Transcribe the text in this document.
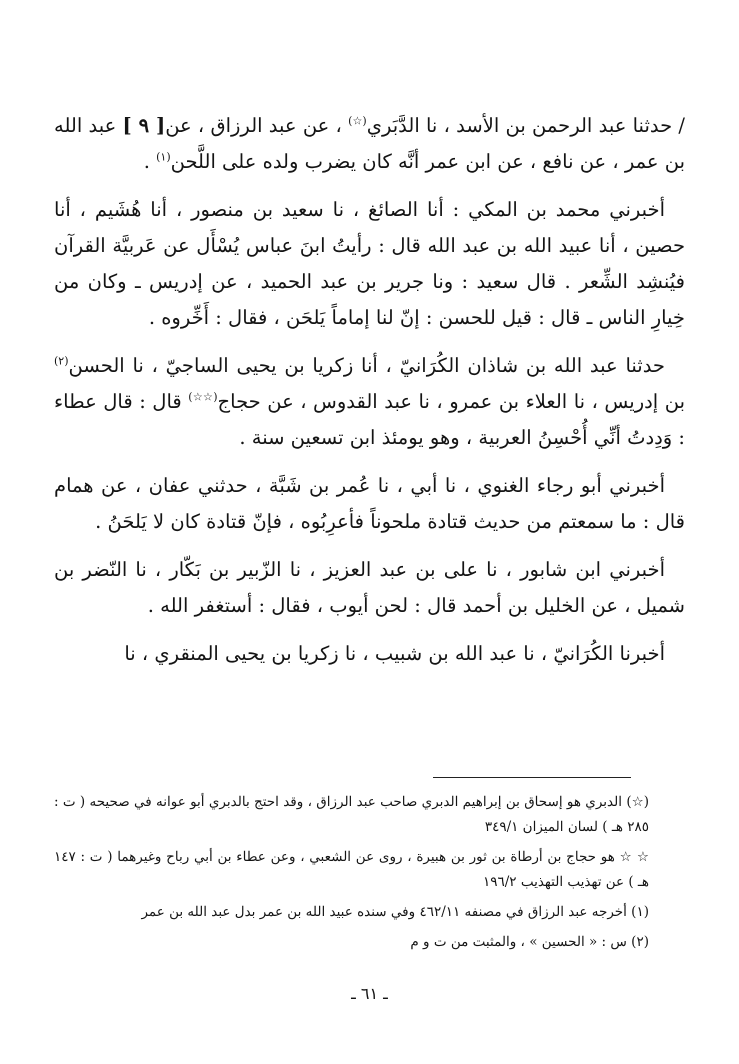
/ حدثنا عبد الرحمن بن الأسد ، نا الدَّبَري(☆) ، عن عبد الرزاق ، عن[ ٩ ] عبد الله بن عمر ، عن نافع ، عن ابن عمر أنَّه كان يضرب ولده على اللَّحن$^{(١)}$ .

أخبرني محمد بن المكي : أنا الصائغ ، نا سعيد بن منصور ، أنا هُشَيم ، أنا حصين ، أنا عبيد الله بن عبد الله قال : رأيتُ ابنَ عباس يُسْأَل عن عَربيَّة القرآن فيُنشِد الشِّعر . قال سعيد : ونا جرير بن عبد الحميد ، عن إدريس ـ وكان من خِيارِ الناس ـ قال : قيل للحسن : إنّ لنا إماماً يَلحَن ، فقال : أَخِّروه .

حدثنا عبد الله بن شاذان الكُرَانيّ ، أنا زكريا بن يحيى الساجيّ ، نا الحسن$^{(٢)}$ بن إدريس ، نا العلاء بن عمرو ، نا عبد القدوس ، عن حجاج(☆☆) قال : قال عطاء : وَدِدتُ أنِّي أُحْسِنُ العربية ، وهو يومئذ ابن تسعين سنة .

أخبرني أبو رجاء الغنوي ، نا أبي ، نا عُمر بن شَبَّة ، حدثني عفان ، عن همام قال : ما سمعتم من حديث قتادة ملحوناً فأعرِبُوه ، فإنّ قتادة كان لا يَلحَنُ .

أخبرني ابن شابور ، نا على بن عبد العزيز ، نا الزّبير بن بَكّار ، نا النّضر بن شميل ، عن الخليل بن أحمد قال : لحن أيوب ، فقال : أستغفر الله .

أخبرنا الكُرَانيّ ، نا عبد الله بن شبيب ، نا زكريا بن يحيى المنقري ، نا

(☆) الدبري هو إسحاق بن إبراهيم الدبري صاحب عبد الرزاق ، وقد احتج بالدبري أبو عوانه في صحيحه ( ت : ٢٨٥ هـ ) لسان الميزان ٣٤٩/١

☆ ☆ هو حجاج بن أرطاة بن ثور بن هبيرة ، روى عن الشعبي ، وعن عطاء بن أبي رباح وغيرهما ( ت : ١٤٧ هـ ) عن تهذيب التهذيب ١٩٦/٢

(١) أخرجه عبد الرزاق في مصنفه ٤٦٢/١١ وفي سنده عبيد الله بن عمر بدل عبد الله بن عمر

(٢) س : « الحسين » ، والمثبت من ت و م

ـ ٦١ ـ
